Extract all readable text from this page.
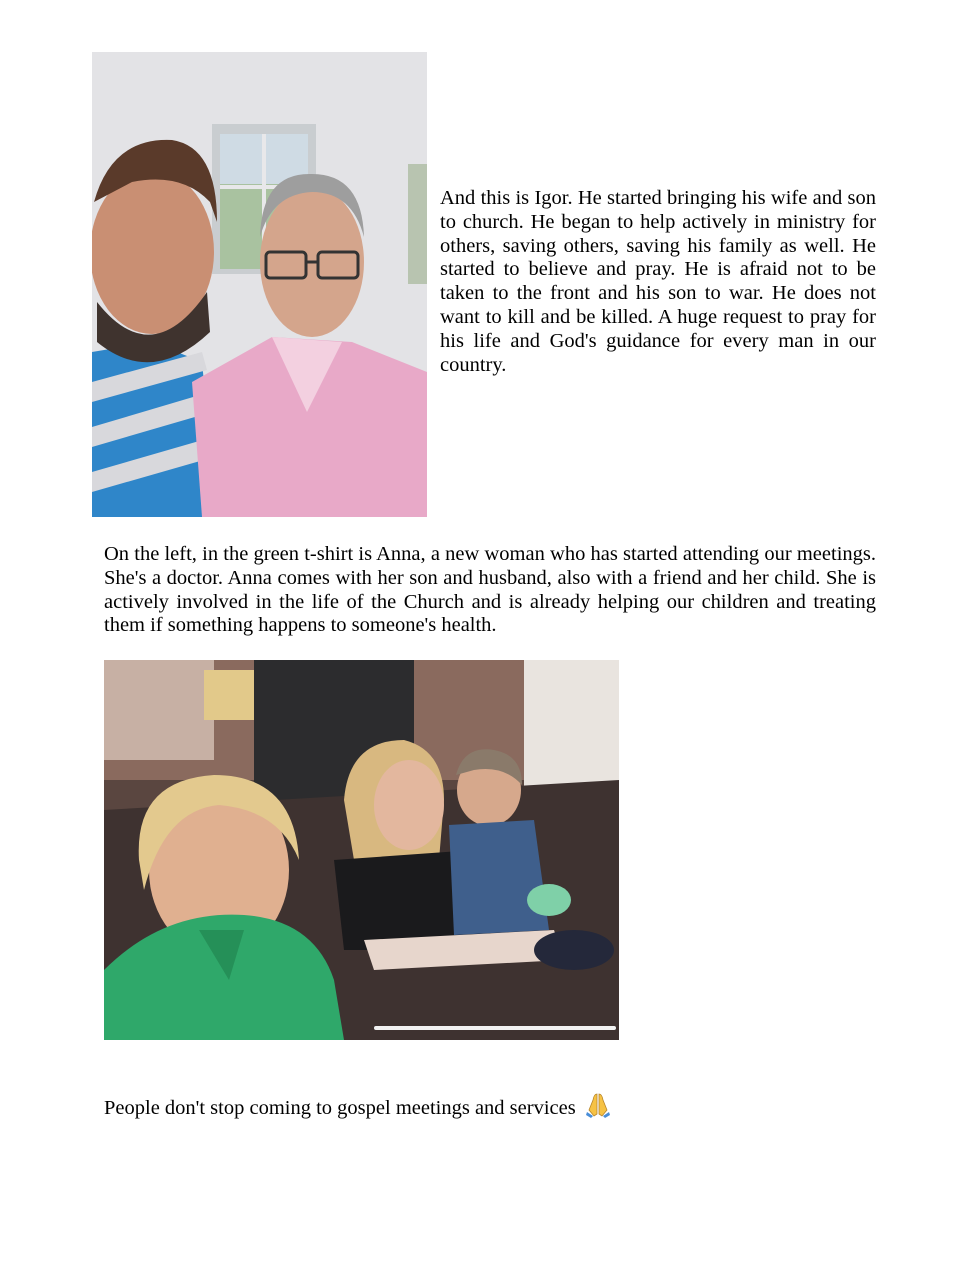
And this is Igor. He started bringing his wife and son to church. He began to help actively in ministry for others, saving others, saving his family as well. He started to believe and pray. He is afraid not to be taken to the front and his son to war. He does not want to kill and be killed. A huge request to pray for his life and God's guidance for every man in our country.

On the left, in the green t-shirt is Anna, a new woman who has started attending our meetings. She's a doctor. Anna comes with her son and husband, also with a friend and her child. She is actively involved in the life of the Church and is already helping our children and treating them if something happens to someone's health.

People don't stop coming to gospel meetings and services
